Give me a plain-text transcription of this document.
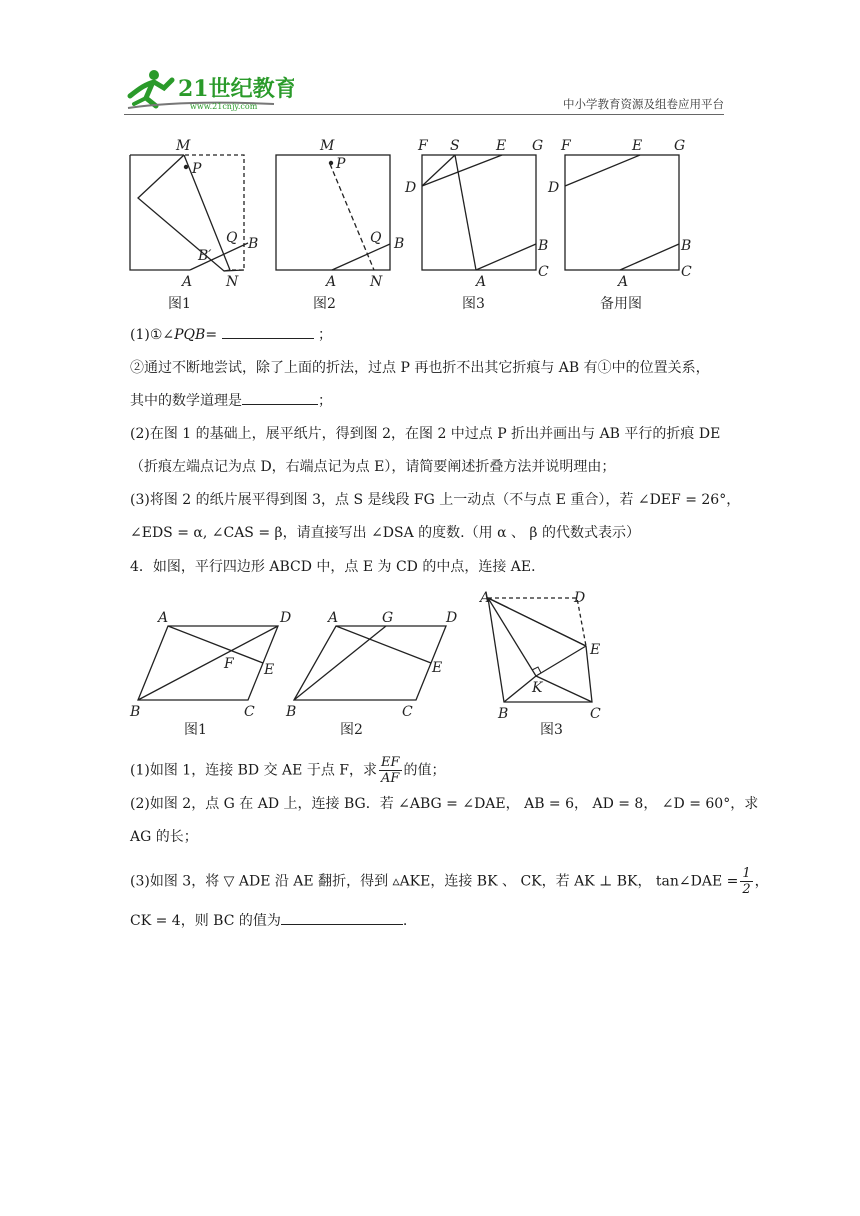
21世纪教育
www.21cnjy.com	中小学教育资源及组卷应用平台
M
P
Q B
B′
A N
M
P
Q B
A N
F S	E G
D
B
C
A
F	E G
D
B
C
A
图1	图2	图3	备用图
(1)①∠PQB=	；
②通过不断地尝试，除了上面的折法，过点 P 再也折不出其它折痕与 AB 有①中的位置关系，
其中的数学道理是	；
(2)在图 1 的基础上，展平纸片，得到图 2，在图 2 中过点 P 折出并画出与 AB 平行的折痕 DE
（折痕左端点记为点 D，右端点记为点 E），请简要阐述折叠方法并说明理由；
(3)将图 2 的纸片展平得到图 3，点 S 是线段 FG 上一动点（不与点 E 重合），若 ∠DEF = 26°，
∠EDS = α, ∠CAS = β，请直接写出 ∠DSA 的度数.（用 α 、 β 的代数式表示）
4．如图，平行四边形 ABCD 中，点 E 为 CD 的中点，连接 AE．
A	D
F E
B	C
A	G	D
E
B	C
A	D
E
K
B	C
图1	图2	图3
(1)如图 1，连接 BD 交 AE 于点 F，求 $\frac{EF}{AF}$ 的值；
(2)如图 2，点 G 在 AD 上，连接 BG．若 ∠ABG = ∠DAE， AB = 6， AD = 8， ∠D = 60°，求
AG 的长；
(3)如图 3，将 ▽ ADE 沿 AE 翻折，得到 ▵AKE，连接 BK 、 CK，若 AK ⊥ BK， tan∠DAE = $\frac{1}{2}$ ，
CK = 4，则 BC 的值为	.
